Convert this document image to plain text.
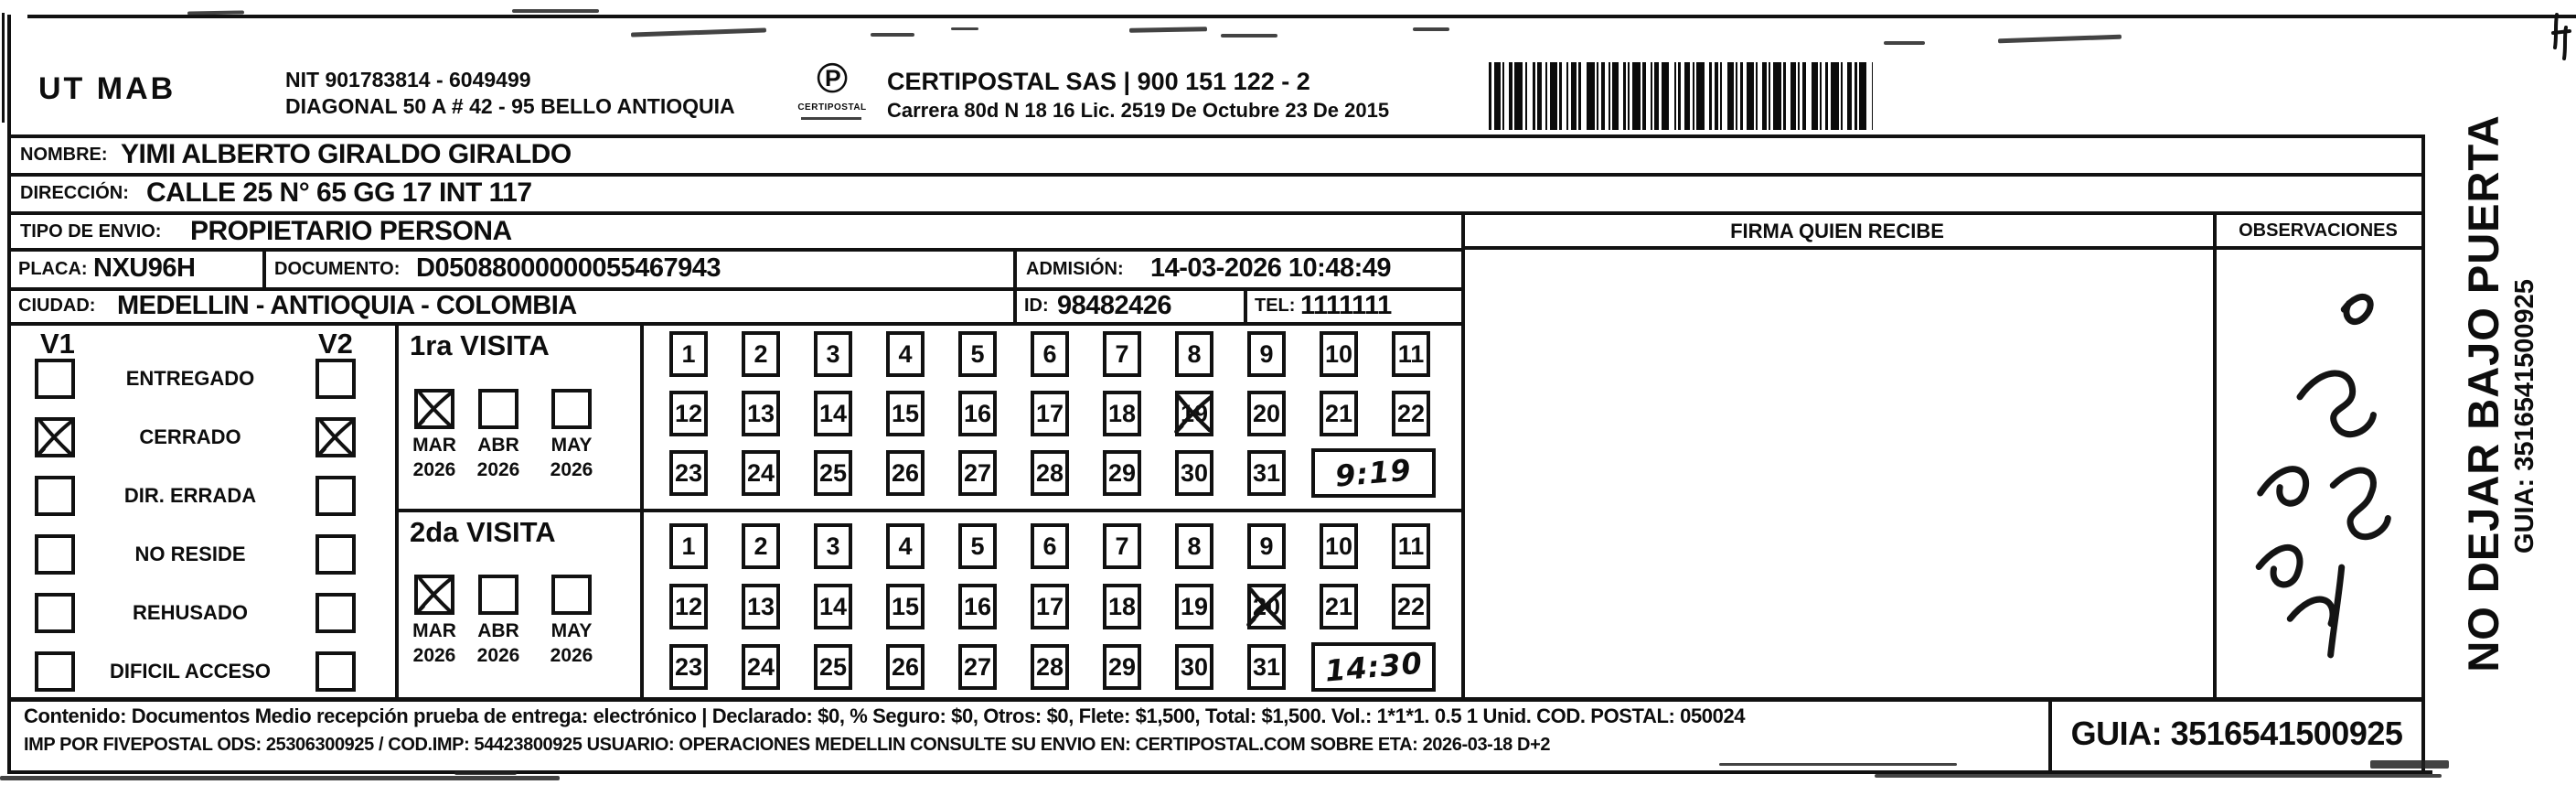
UT MAB	NIT 901783814 - 6049499
DIAGONAL 50 A # 42 - 95 BELLO ANTIOQUIA
℗
CERTIPOSTAL
CERTIPOSTAL SAS | 900 151 122 - 2
Carrera 80d N 18 16 Lic. 2519 De Octubre 23 De 2015
NOMBRE: YIMI ALBERTO GIRALDO GIRALDO
DIRECCIÓN: CALLE 25 N° 65 GG 17 INT 117
TIPO DE ENVIO: PROPIETARIO PERSONA
PLACA: NXU96H	DOCUMENTO: D05088000000055467943	ADMISIÓN: 14-03-2026 10:48:49
CIUDAD: MEDELLIN - ANTIOQUIA - COLOMBIA	ID: 98482426	TEL: 1111111
FIRMA QUIEN RECIBE	OBSERVACIONES
V1	V2
ENTREGADO
CERRADO
DIR. ERRADA
NO RESIDE
REHUSADO
DIFICIL ACCESO
1ra VISITA
MAR
2026
ABR
2026
MAY
2026
1 2 3 4 5 6 7 8 9 10 11
12 13 14 15 16 17 18 19 20 21 22
23 24 25 26 27 28 29 30 31 9:19
2da VISITA
MAR
2026
ABR
2026
MAY
2026
1 2 3 4 5 6 7 8 9 10 11
12 13 14 15 16 17 18 19 20 21 22
23 24 25 26 27 28 29 30 31 14:30	NO DEJAR BAJO PUERTA GUIA: 3516541500925
Contenido: Documentos Medio recepción prueba de entrega: electrónico | Declarado: $0, % Seguro: $0, Otros: $0, Flete: $1,500, Total: $1,500. Vol.: 1*1*1. 0.5 1 Unid. COD. POSTAL: 050024
IMP POR FIVEPOSTAL ODS: 25306300925 / COD.IMP: 54423800925 USUARIO: OPERACIONES MEDELLIN CONSULTE SU ENVIO EN: CERTIPOSTAL.COM SOBRE ETA: 2026-03-18 D+2	GUIA: 3516541500925
